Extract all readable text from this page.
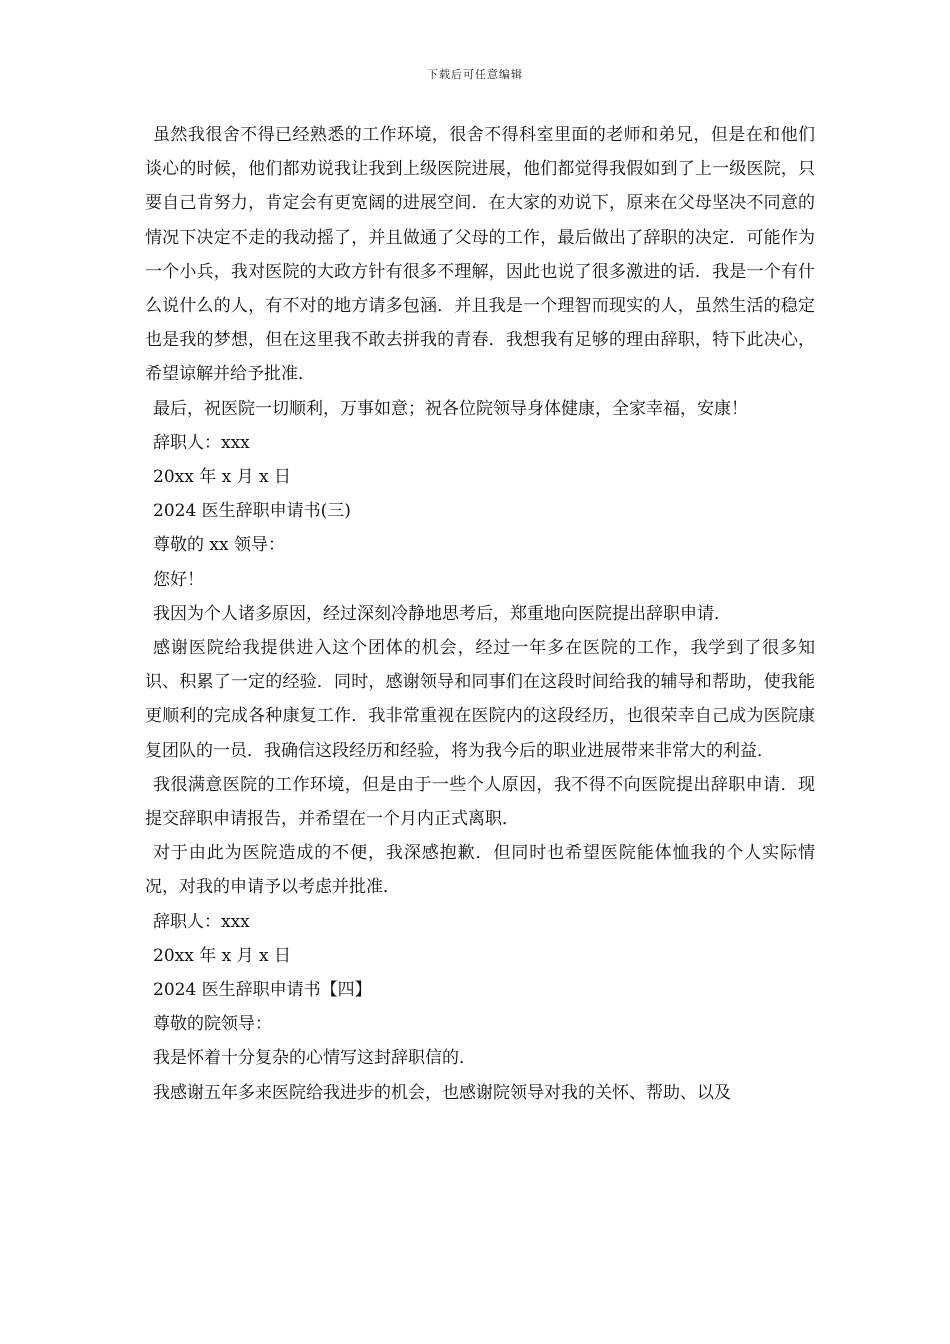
下载后可任意编辑

虽然我很舍不得已经熟悉的工作环境，很舍不得科室里面的老师和弟兄，但是在和他们谈心的时候，他们都劝说我让我到上级医院进展，他们都觉得我假如到了上一级医院，只要自己肯努力，肯定会有更宽阔的进展空间．在大家的劝说下，原来在父母坚决不同意的情况下决定不走的我动摇了，并且做通了父母的工作，最后做出了辞职的决定．可能作为一个小兵，我对医院的大政方针有很多不理解，因此也说了很多激进的话．我是一个有什么说什么的人，有不对的地方请多包涵．并且我是一个理智而现实的人，虽然生活的稳定也是我的梦想，但在这里我不敢去拼我的青春．我想我有足够的理由辞职，特下此决心，希望谅解并给予批准．

最后，祝医院一切顺利，万事如意；祝各位院领导身体健康，全家幸福，安康！

辞职人：xxx

20xx 年 x 月 x 日

2024 医生辞职申请书(三)

尊敬的 xx 领导：

您好！

我因为个人诸多原因，经过深刻冷静地思考后，郑重地向医院提出辞职申请．

感谢医院给我提供进入这个团体的机会，经过一年多在医院的工作，我学到了很多知识、积累了一定的经验．同时，感谢领导和同事们在这段时间给我的辅导和帮助，使我能更顺利的完成各种康复工作．我非常重视在医院内的这段经历，也很荣幸自己成为医院康复团队的一员．我确信这段经历和经验，将为我今后的职业进展带来非常大的利益．

我很满意医院的工作环境，但是由于一些个人原因，我不得不向医院提出辞职申请．现提交辞职申请报告，并希望在一个月内正式离职．

对于由此为医院造成的不便，我深感抱歉．但同时也希望医院能体恤我的个人实际情况，对我的申请予以考虑并批准．

辞职人：xxx

20xx 年 x 月 x 日

2024 医生辞职申请书【四】

尊敬的院领导：

我是怀着十分复杂的心情写这封辞职信的．

我感谢五年多来医院给我进步的机会，也感谢院领导对我的关怀、帮助、以及
